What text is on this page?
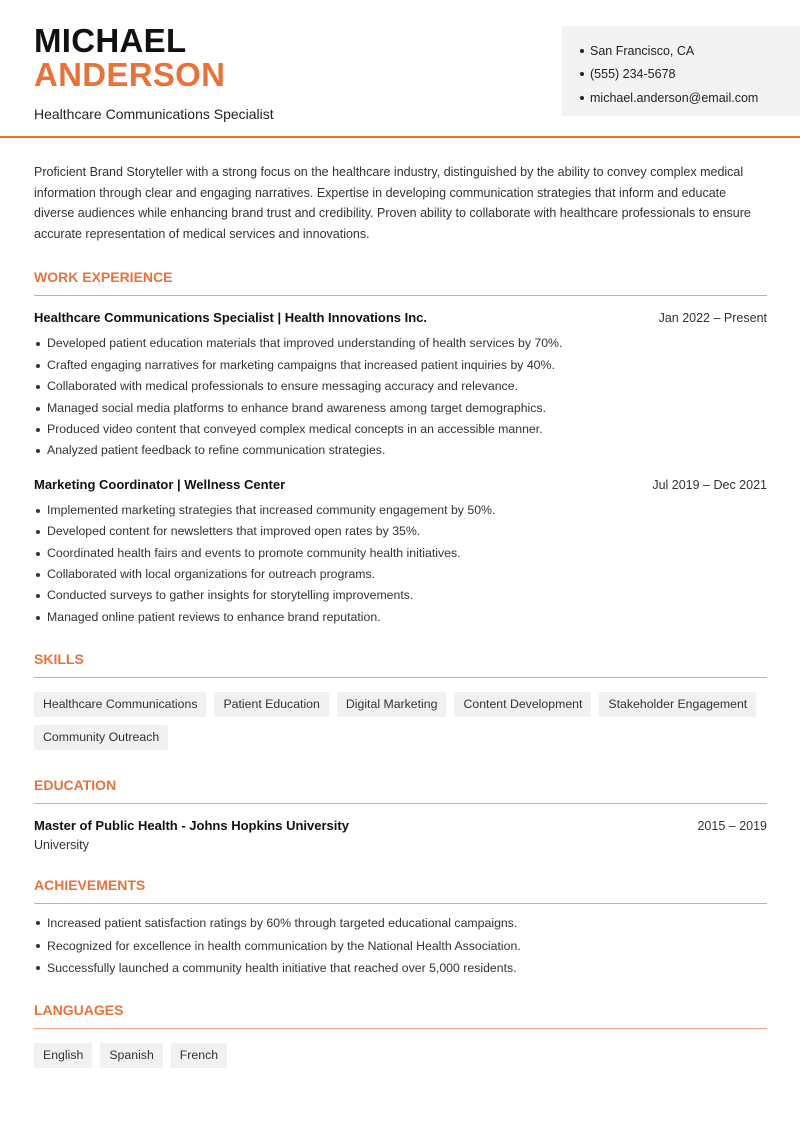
MICHAEL
ANDERSON
Healthcare Communications Specialist
San Francisco, CA
(555) 234-5678
michael.anderson@email.com

Proficient Brand Storyteller with a strong focus on the healthcare industry, distinguished by the ability to convey complex medical information through clear and engaging narratives. Expertise in developing communication strategies that inform and educate diverse audiences while enhancing brand trust and credibility. Proven ability to collaborate with healthcare professionals to ensure accurate representation of medical services and innovations.

WORK EXPERIENCE
Healthcare Communications Specialist | Health Innovations Inc.	Jan 2022 – Present
Developed patient education materials that improved understanding of health services by 70%.
Crafted engaging narratives for marketing campaigns that increased patient inquiries by 40%.
Collaborated with medical professionals to ensure messaging accuracy and relevance.
Managed social media platforms to enhance brand awareness among target demographics.
Produced video content that conveyed complex medical concepts in an accessible manner.
Analyzed patient feedback to refine communication strategies.
Marketing Coordinator | Wellness Center	Jul 2019 – Dec 2021
Implemented marketing strategies that increased community engagement by 50%.
Developed content for newsletters that improved open rates by 35%.
Coordinated health fairs and events to promote community health initiatives.
Collaborated with local organizations for outreach programs.
Conducted surveys to gather insights for storytelling improvements.
Managed online patient reviews to enhance brand reputation.
SKILLS
Healthcare Communications	Patient Education	Digital Marketing	Content Development	Stakeholder Engagement
Community Outreach
EDUCATION
Master of Public Health - Johns Hopkins University	2015 – 2019
University
ACHIEVEMENTS
Increased patient satisfaction ratings by 60% through targeted educational campaigns.
Recognized for excellence in health communication by the National Health Association.
Successfully launched a community health initiative that reached over 5,000 residents.
LANGUAGES
English	Spanish	French
